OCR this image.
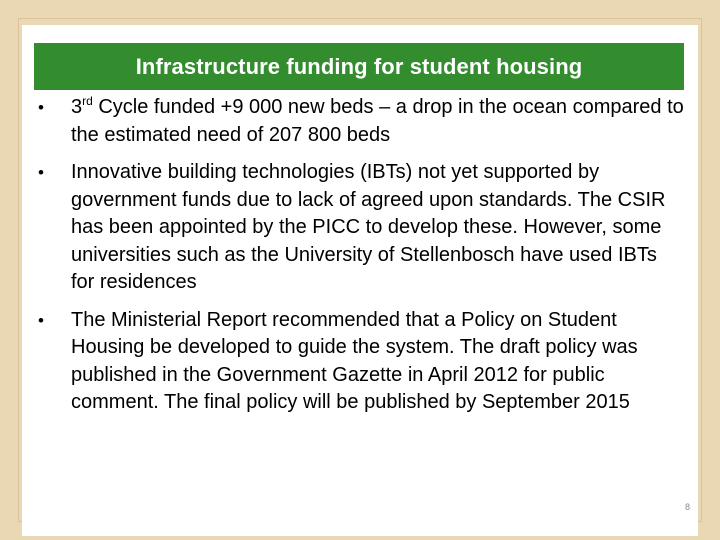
Infrastructure funding for student housing
• 3rd Cycle funded +9 000 new beds – a drop in the ocean compared to the estimated need of 207 800 beds
• Innovative building technologies (IBTs) not yet supported by government funds due to lack of agreed upon standards. The CSIR has been appointed by the PICC to develop these. However, some universities such as the University of Stellenbosch have used IBTs for residences
• The Ministerial Report recommended that a Policy on Student Housing be developed to guide the system. The draft policy was published in the Government Gazette in April 2012 for public comment. The final policy will be published by September 2015
8
